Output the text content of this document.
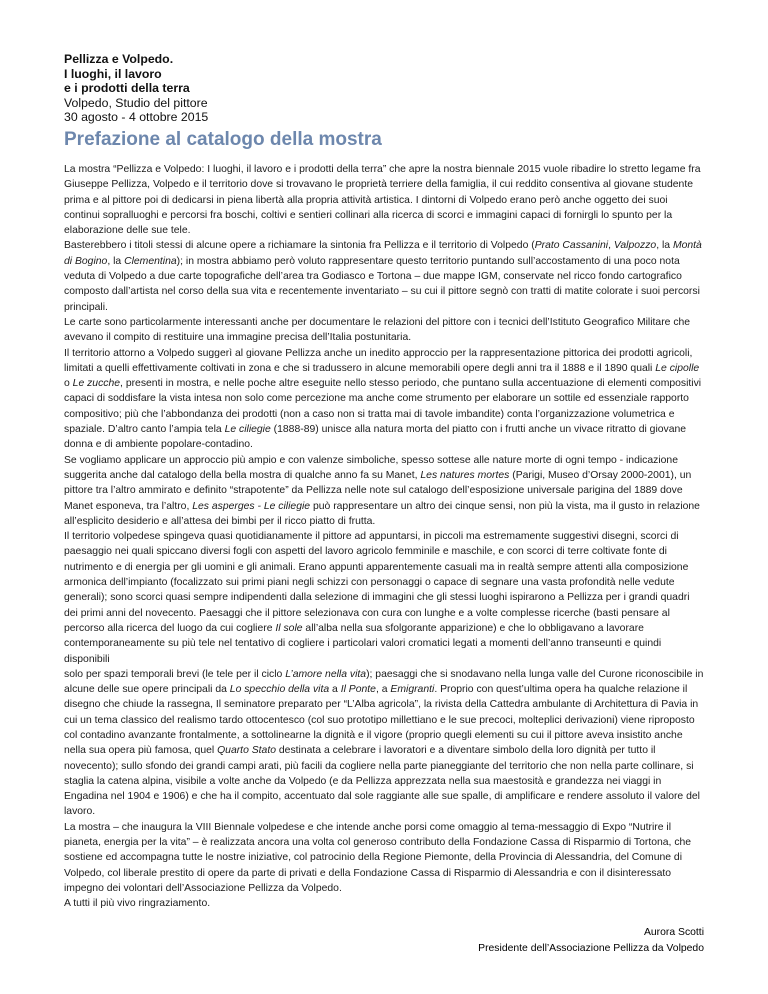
Pellizza e Volpedo.
I luoghi, il lavoro
e i prodotti della terra
Volpedo, Studio del pittore
30 agosto - 4 ottobre 2015
Prefazione al catalogo della mostra

La mostra “Pellizza e Volpedo: I luoghi, il lavoro e i prodotti della terra” che apre la nostra biennale 2015 vuole ribadire lo stretto legame fra Giuseppe Pellizza, Volpedo e il territorio dove si trovavano le proprietà terriere della famiglia, il cui reddito consentiva al giovane studente prima e al pittore poi di dedicarsi in piena libertà alla propria attività artistica. I dintorni di Volpedo erano però anche oggetto dei suoi continui sopralluoghi e percorsi fra boschi, coltivi e sentieri collinari alla ricerca di scorci e immagini capaci di fornirgli lo spunto per la elaborazione delle sue tele.

Basterebbero i titoli stessi di alcune opere a richiamare la sintonia fra Pellizza e il territorio di Volpedo (Prato Cassanini, Valpozzo, la Montà di Bogino, la Clementina); in mostra abbiamo però voluto rappresentare questo territorio puntando sull’accostamento di una poco nota veduta di Volpedo a due carte topografiche dell’area tra Godiasco e Tortona – due mappe IGM, conservate nel ricco fondo cartografico composto dall’artista nel corso della sua vita e recentemente inventariato – su cui il pittore segnò con tratti di matite colorate i suoi percorsi principali.

Le carte sono particolarmente interessanti anche per documentare le relazioni del pittore con i tecnici dell’Istituto Geografico Militare che avevano il compito di restituire una immagine precisa dell’Italia postunitaria.

Il territorio attorno a Volpedo suggerì al giovane Pellizza anche un inedito approccio per la rappresentazione pittorica dei prodotti agricoli, limitati a quelli effettivamente coltivati in zona e che si tradussero in alcune memorabili opere degli anni tra il 1888 e il 1890 quali Le cipolle o Le zucche, presenti in mostra, e nelle poche altre eseguite nello stesso periodo, che puntano sulla accentuazione di elementi compositivi capaci di soddisfare la vista intesa non solo come percezione ma anche come strumento per elaborare un sottile ed essenziale rapporto compositivo; più che l’abbondanza dei prodotti (non a caso non si tratta mai di tavole imbandite) conta l’organizzazione volumetrica e spaziale. D’altro canto l’ampia tela Le ciliegie (1888-89) unisce alla natura morta del piatto con i frutti anche un vivace ritratto di giovane donna e di ambiente popolare-contadino.

Se vogliamo applicare un approccio più ampio e con valenze simboliche, spesso sottese alle nature morte di ogni tempo - indicazione suggerita anche dal catalogo della bella mostra di qualche anno fa su Manet, Les natures mortes (Parigi, Museo d’Orsay 2000-2001), un pittore tra l’altro ammirato e definito “strapotente” da Pellizza nelle note sul catalogo dell’esposizione universale parigina del 1889 dove Manet esponeva, tra l’altro, Les asperges - Le ciliegie può rappresentare un altro dei cinque sensi, non più la vista, ma il gusto in relazione all’esplicito desiderio e all’attesa dei bimbi per il ricco piatto di frutta.

Il territorio volpedese spingeva quasi quotidianamente il pittore ad appuntarsi, in piccoli ma estremamente suggestivi disegni, scorci di paesaggio nei quali spiccano diversi fogli con aspetti del lavoro agricolo femminile e maschile, e con scorci di terre coltivate fonte di nutrimento e di energia per gli uomini e gli animali. Erano appunti apparentemente casuali ma in realtà sempre attenti alla composizione armonica dell’impianto (focalizzato sui primi piani negli schizzi con personaggi o capace di segnare una vasta profondità nelle vedute generali); sono scorci quasi sempre indipendenti dalla selezione di immagini che gli stessi luoghi ispirarono a Pellizza per i grandi quadri dei primi anni del novecento. Paesaggi che il pittore selezionava con cura con lunghe e a volte complesse ricerche (basti pensare al percorso alla ricerca del luogo da cui cogliere Il sole all’alba nella sua sfolgorante apparizione) e che lo obbligavano a lavorare contemporaneamente su più tele nel tentativo di cogliere i particolari valori cromatici legati a momenti dell’anno transeunti e quindi disponibili

solo per spazi temporali brevi (le tele per il ciclo L’amore nella vita); paesaggi che si snodavano nella lunga valle del Curone riconoscibile in alcune delle sue opere principali da Lo specchio della vita a Il Ponte, a Emigranti. Proprio con quest’ultima opera ha qualche relazione il disegno che chiude la rassegna, Il seminatore preparato per “L’Alba agricola”, la rivista della Cattedra ambulante di Architettura di Pavia in cui un tema classico del realismo tardo ottocentesco (col suo prototipo millettiano e le sue precoci, molteplici derivazioni) viene riproposto col contadino avanzante frontalmente, a sottolinearne la dignità e il vigore (proprio quegli elementi su cui il pittore aveva insistito anche nella sua opera più famosa, quel Quarto Stato destinata a celebrare i lavoratori e a diventare simbolo della loro dignità per tutto il novecento); sullo sfondo dei grandi campi arati, più facili da cogliere nella parte pianeggiante del territorio che non nella parte collinare, si staglia la catena alpina, visibile a volte anche da Volpedo (e da Pellizza apprezzata nella sua maestosità e grandezza nei viaggi in Engadina nel 1904 e 1906) e che ha il compito, accentuato dal sole raggiante alle sue spalle, di amplificare e rendere assoluto il valore del lavoro.

La mostra – che inaugura la VIII Biennale volpedese e che intende anche porsi come omaggio al tema-messaggio di Expo “Nutrire il pianeta, energia per la vita” – è realizzata ancora una volta col generoso contributo della Fondazione Cassa di Risparmio di Tortona, che sostiene ed accompagna tutte le nostre iniziative, col patrocinio della Regione Piemonte, della Provincia di Alessandria, del Comune di Volpedo, col liberale prestito di opere da parte di privati e della Fondazione Cassa di Risparmio di Alessandria e con il disinteressato impegno dei volontari dell’Associazione Pellizza da Volpedo.

A tutti il più vivo ringraziamento.

Aurora Scotti
Presidente dell’Associazione Pellizza da Volpedo
